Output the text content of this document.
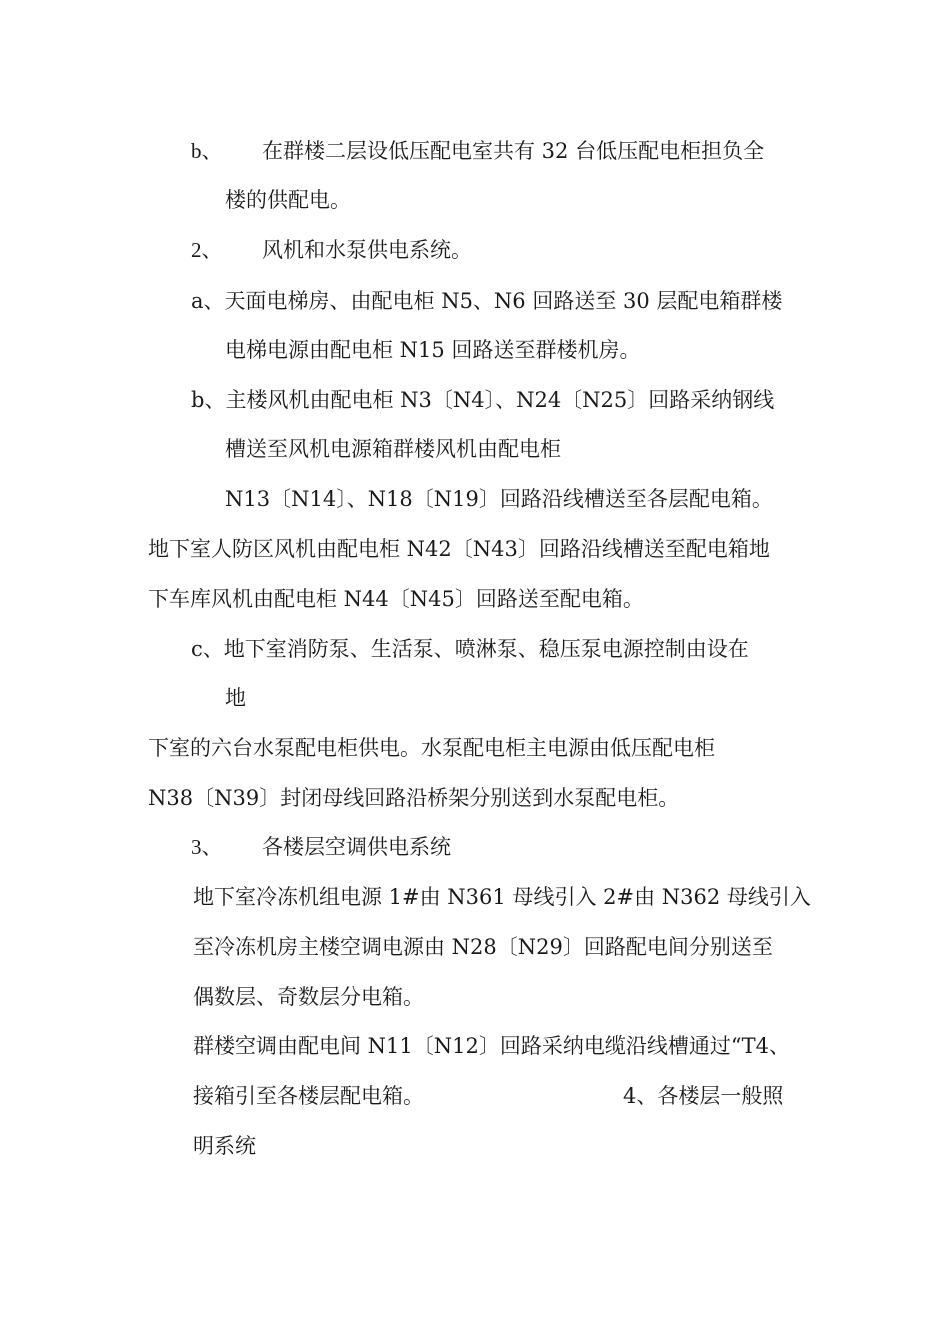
b、 在群楼二层设低压配电室共有 32 台低压配电柜担负全
楼的供配电。
2、 风机和水泵供电系统。
a、天面电梯房、由配电柜 N5、N6 回路送至 30 层配电箱群楼
电梯电源由配电柜 N15 回路送至群楼机房。
b、主楼风机由配电柜 N3〔N4〕、N24〔N25〕回路采纳钢线
槽送至风机电源箱群楼风机由配电柜
N13〔N14〕、N18〔N19〕回路沿线槽送至各层配电箱。
地下室人防区风机由配电柜 N42〔N43〕回路沿线槽送至配电箱地
下车库风机由配电柜 N44〔N45〕回路送至配电箱。
c、地下室消防泵、生活泵、喷淋泵、稳压泵电源控制由设在
地
下室的六台水泵配电柜供电。水泵配电柜主电源由低压配电柜
N38〔N39〕封闭母线回路沿桥架分别送到水泵配电柜。
3、 各楼层空调供电系统
地下室冷冻机组电源 1#由 N361 母线引入 2#由 N362 母线引入
至冷冻机房主楼空调电源由 N28〔N29〕回路配电间分别送至
偶数层、奇数层分电箱。
群楼空调由配电间 N11〔N12〕回路采纳电缆沿线槽通过“T4、
接箱引至各楼层配电箱。	4、各楼层一般照
明系统
